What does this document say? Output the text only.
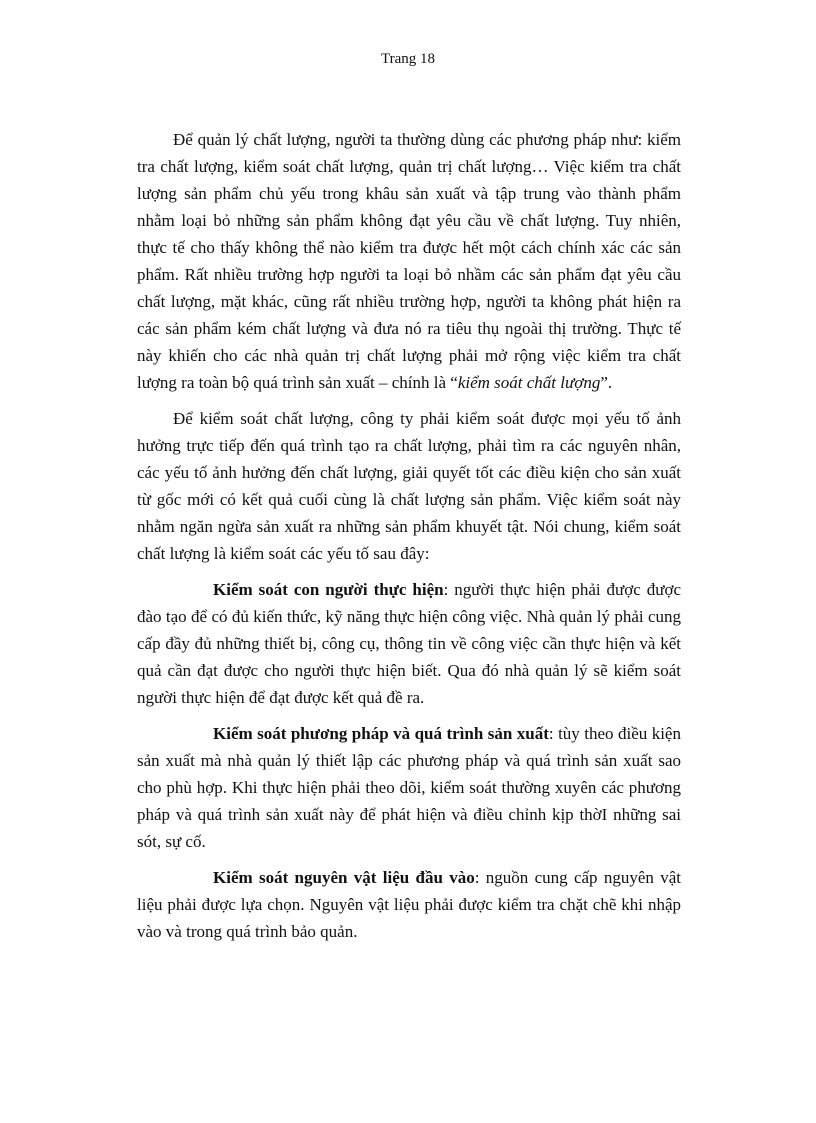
Trang 18

Để quản lý chất lượng, người ta thường dùng các phương pháp như: kiểm tra chất lượng, kiểm soát chất lượng, quản trị chất lượng… Việc kiểm tra chất lượng sản phẩm chủ yếu trong khâu sản xuất và tập trung vào thành phẩm nhằm loại bỏ những sản phẩm không đạt yêu cầu về chất lượng. Tuy nhiên, thực tế cho thấy không thể nào kiểm tra được hết một cách chính xác các sản phẩm. Rất nhiều trường hợp người ta loại bỏ nhầm các sản phẩm đạt yêu cầu chất lượng, mặt khác, cũng rất nhiều trường hợp, người ta không phát hiện ra các sản phẩm kém chất lượng và đưa nó ra tiêu thụ ngoài thị trường. Thực tế này khiến cho các nhà quản trị chất lượng phải mở rộng việc kiểm tra chất lượng ra toàn bộ quá trình sản xuất – chính là “kiểm soát chất lượng”.

Để kiểm soát chất lượng, công ty phải kiểm soát được mọi yếu tố ảnh hưởng trực tiếp đến quá trình tạo ra chất lượng, phải tìm ra các nguyên nhân, các yếu tố ảnh hưởng đến chất lượng, giải quyết tốt các điều kiện cho sản xuất từ gốc mới có kết quả cuối cùng là chất lượng sản phẩm. Việc kiểm soát này nhằm ngăn ngừa sản xuất ra những sản phẩm khuyết tật. Nói chung, kiểm soát chất lượng là kiểm soát các yếu tố sau đây:

Kiểm soát con người thực hiện: người thực hiện phải được được đào tạo để có đủ kiến thức, kỹ năng thực hiện công việc. Nhà quản lý phải cung cấp đầy đủ những thiết bị, công cụ, thông tin về công việc cần thực hiện và kết quả cần đạt được cho người thực hiện biết. Qua đó nhà quản lý sẽ kiểm soát người thực hiện để đạt được kết quả đề ra.

Kiểm soát phương pháp và quá trình sản xuất: tùy theo điều kiện sản xuất mà nhà quản lý thiết lập các phương pháp và quá trình sản xuất sao cho phù hợp. Khi thực hiện phải theo dõi, kiểm soát thường xuyên các phương pháp và quá trình sản xuất này để phát hiện và điều chỉnh kịp thờI những sai sót, sự cố.

Kiểm soát nguyên vật liệu đầu vào: nguồn cung cấp nguyên vật liệu phải được lựa chọn. Nguyên vật liệu phải được kiểm tra chặt chẽ khi nhập vào và trong quá trình bảo quản.
